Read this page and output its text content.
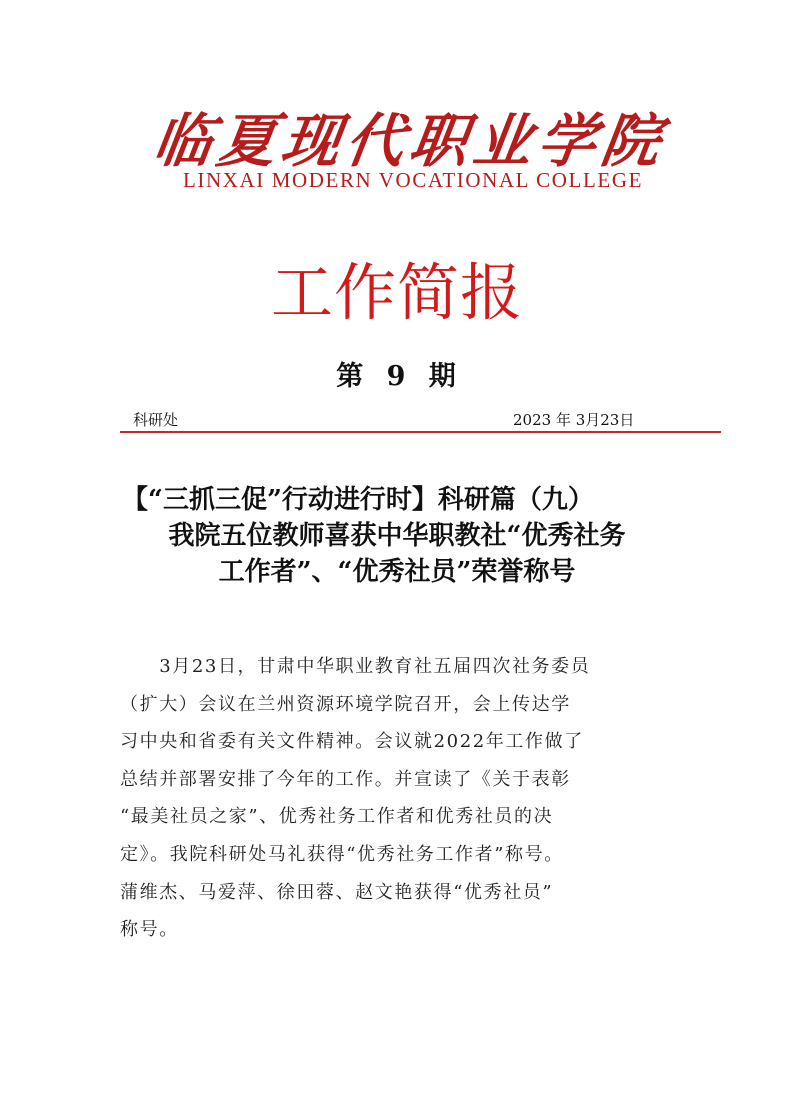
临夏现代职业学院
LINXAI MODERN VOCATIONAL COLLEGE
工作简报
第 9 期
科研处	2023 年 3月23日
【“三抓三促”行动进行时】科研篇（九）
我院五位教师喜获中华职教社“优秀社务
工作者”、“优秀社员”荣誉称号
　　3月23日，甘肃中华职业教育社五届四次社务委员
（扩大）会议在兰州资源环境学院召开，会上传达学
习中央和省委有关文件精神。会议就2022年工作做了
总结并部署安排了今年的工作。并宣读了《关于表彰
“最美社员之家”、优秀社务工作者和优秀社员的决
定》。我院科研处马礼获得“优秀社务工作者”称号。
蒲维杰、马爱萍、徐田蓉、赵文艳获得“优秀社员”
称号。
